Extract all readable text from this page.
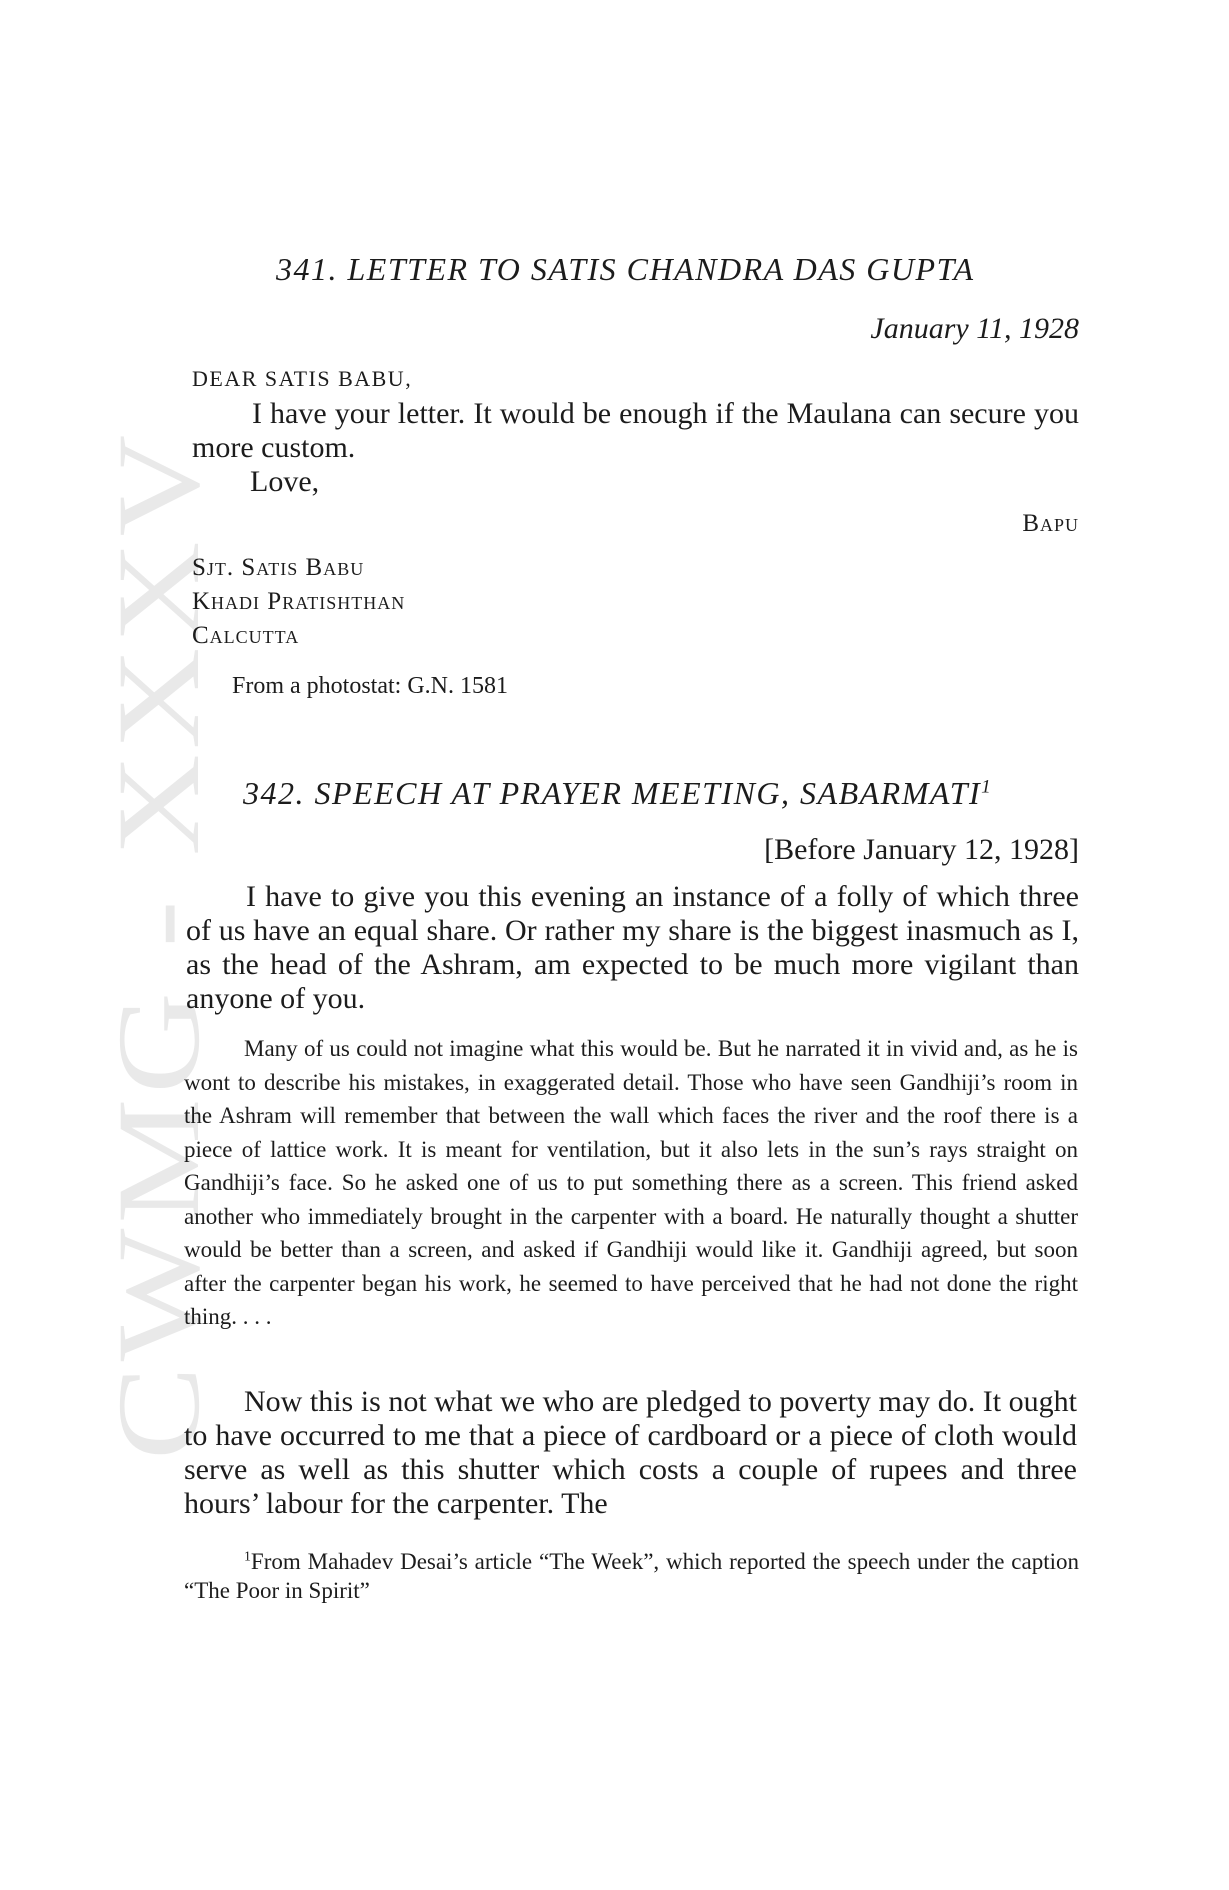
CWMG XXXV
341. LETTER TO SATIS CHANDRA DAS GUPTA
January 11, 1928
DEAR SATIS BABU,

I have your letter. It would be enough if the Maulana can secure you more custom.

Love,
Bapu
Sjt. Satis Babu
Khadi Pratishthan
Calcutta
From a photostat: G.N. 1581
342. SPEECH AT PRAYER MEETING, SABARMATI$^1$
[Before January 12, 1928]

I have to give you this evening an instance of a folly of which three of us have an equal share. Or rather my share is the biggest inasmuch as I, as the head of the Ashram, am expected to be much more vigilant than anyone of you.

Many of us could not imagine what this would be. But he narrated it in vivid and, as he is wont to describe his mistakes, in exaggerated detail. Those who have seen Gandhiji’s room in the Ashram will remember that between the wall which faces the river and the roof there is a piece of lattice work. It is meant for ventilation, but it also lets in the sun’s rays straight on Gandhiji’s face. So he asked one of us to put something there as a screen. This friend asked another who immediately brought in the carpenter with a board. He naturally thought a shutter would be better than a screen, and asked if Gandhiji would like it. Gandhiji agreed, but soon after the carpenter began his work, he seemed to have perceived that he had not done the right thing. . . .

Now this is not what we who are pledged to poverty may do. It ought to have occurred to me that a piece of cardboard or a piece of cloth would serve as well as this shutter which costs a couple of rupees and three hours’ labour for the carpenter. The

$^1$From Mahadev Desai’s article “The Week”, which reported the speech under the caption “The Poor in Spirit”
